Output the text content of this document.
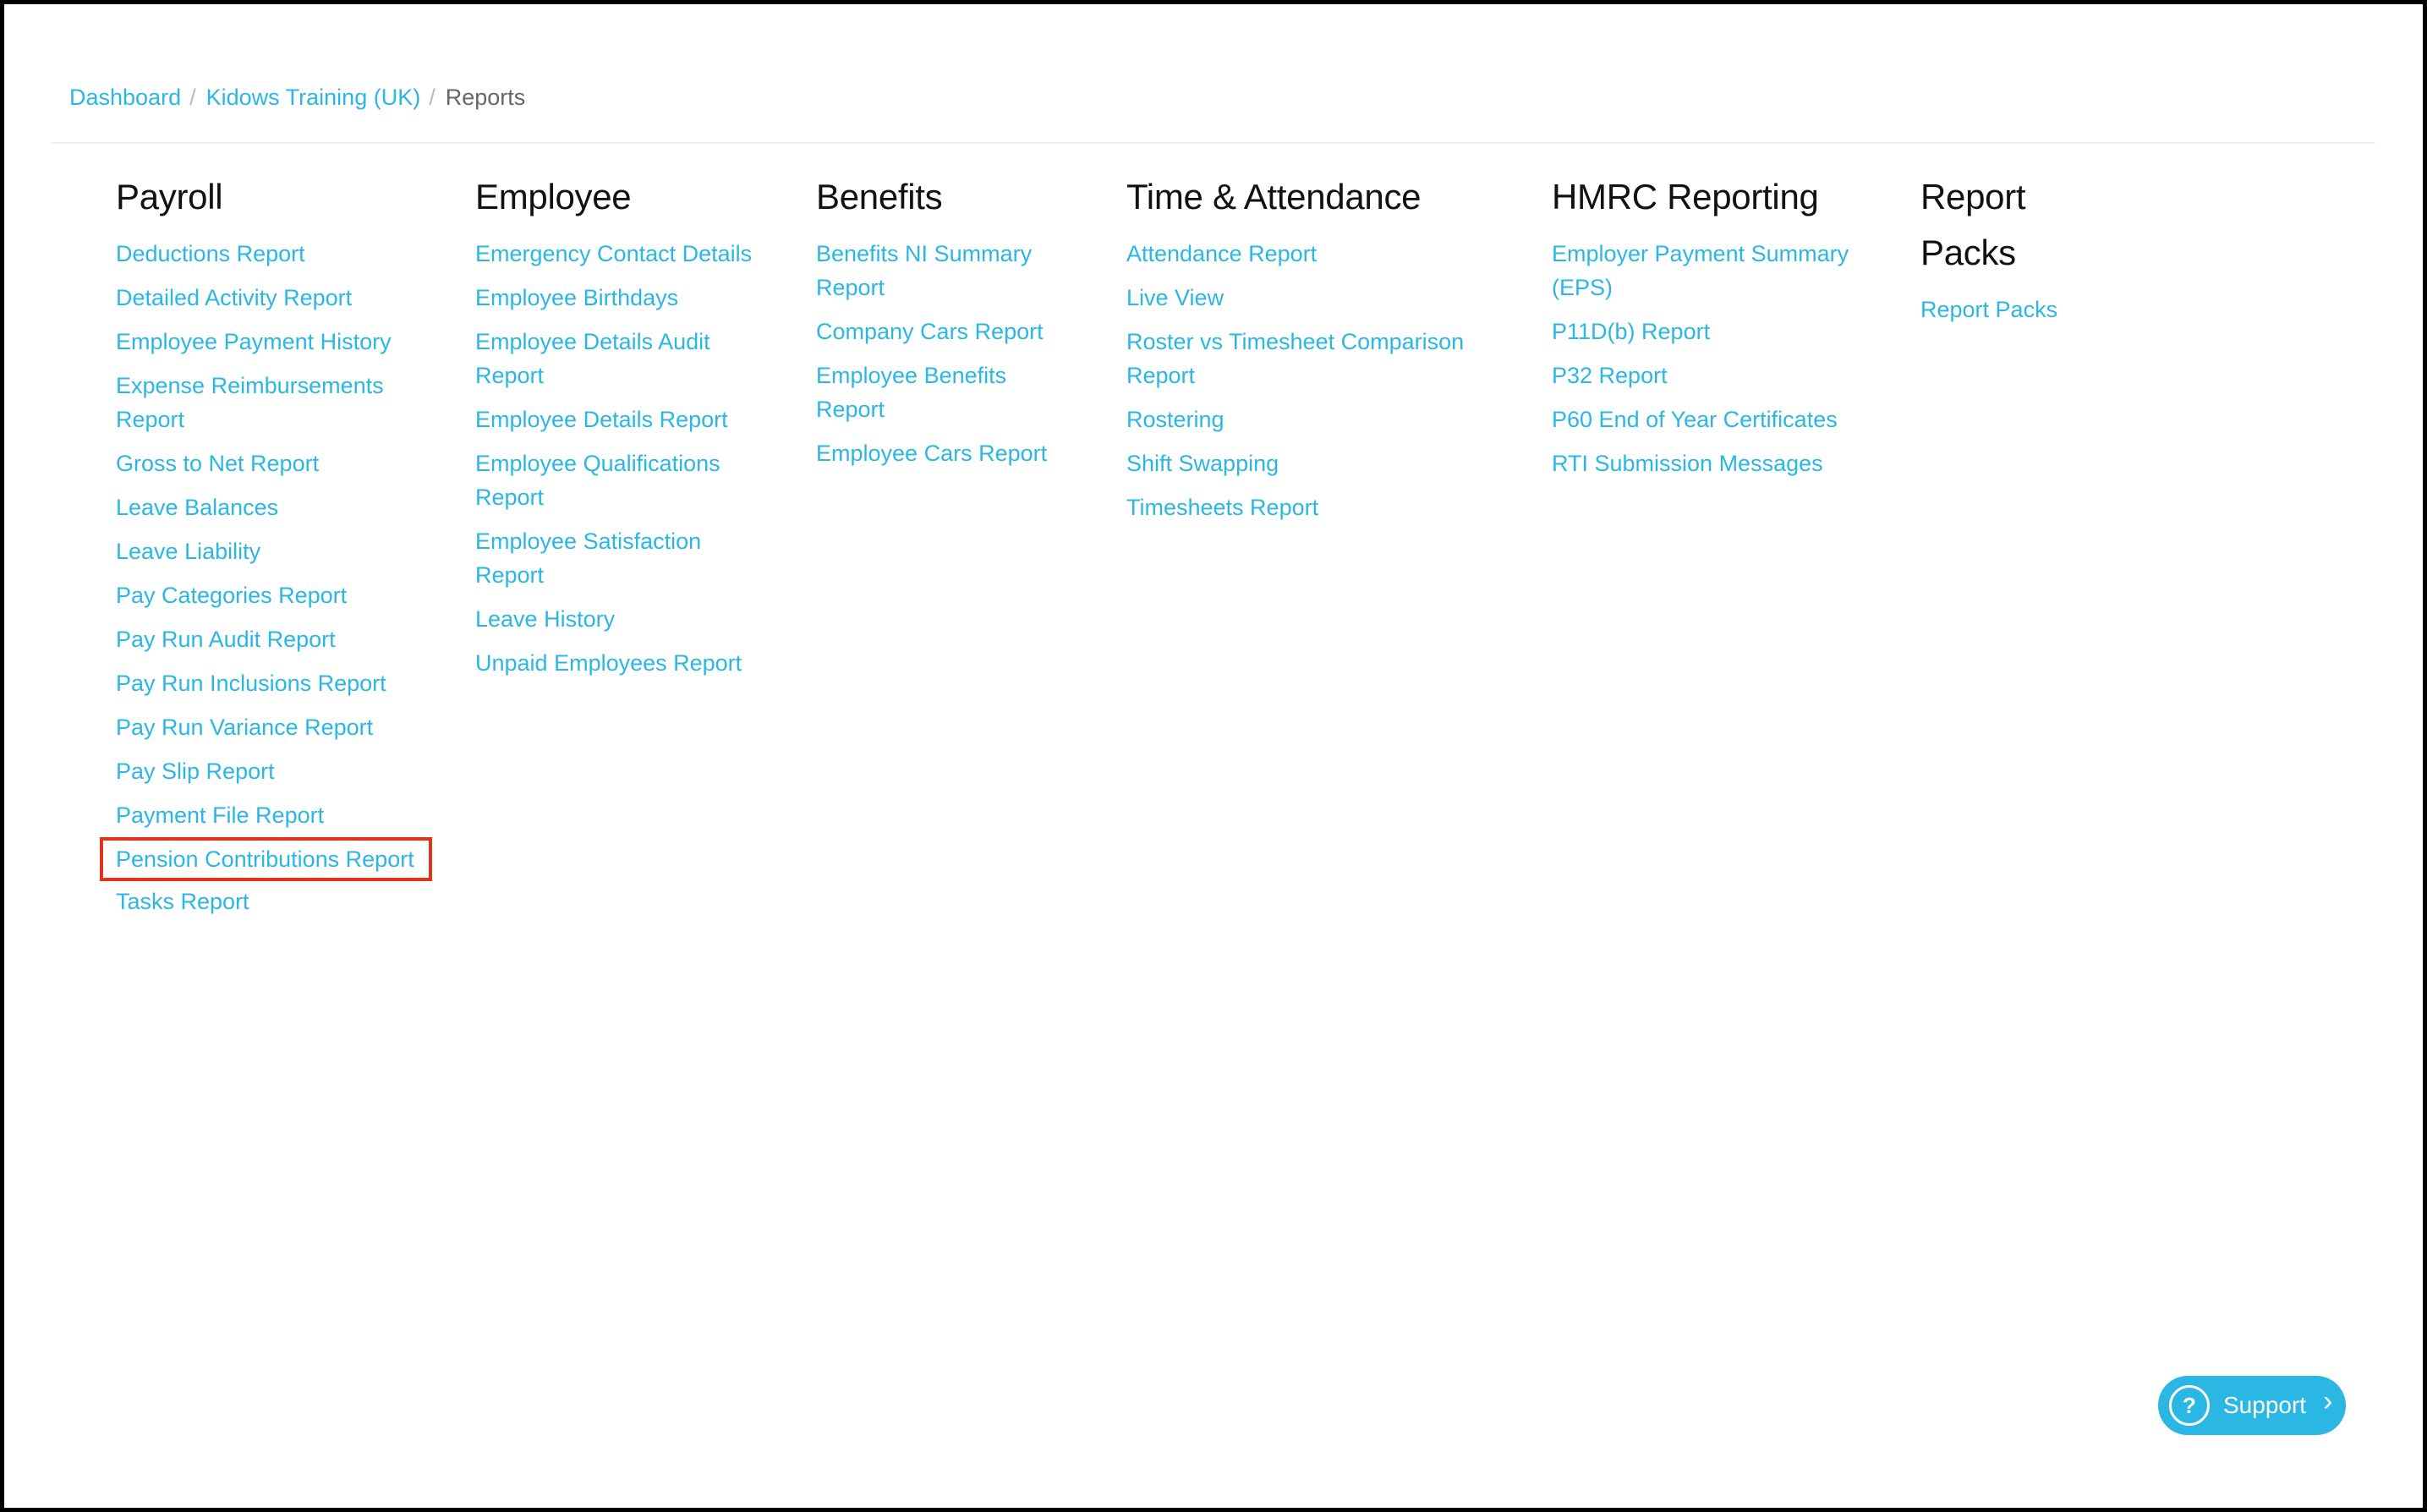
Dashboard / Kidows Training (UK) / Reports
Payroll
Deductions Report
Detailed Activity Report
Employee Payment History
Expense Reimbursements Report
Gross to Net Report
Leave Balances
Leave Liability
Pay Categories Report
Pay Run Audit Report
Pay Run Inclusions Report
Pay Run Variance Report
Pay Slip Report
Payment File Report
Pension Contributions Report
Tasks Report
Employee
Emergency Contact Details
Employee Birthdays
Employee Details Audit Report
Employee Details Report
Employee Qualifications Report
Employee Satisfaction Report
Leave History
Unpaid Employees Report
Benefits
Benefits NI Summary Report
Company Cars Report
Employee Benefits Report
Employee Cars Report
Time & Attendance
Attendance Report
Live View
Roster vs Timesheet Comparison Report
Rostering
Shift Swapping
Timesheets Report
HMRC Reporting
Employer Payment Summary (EPS)
P11D(b) Report
P32 Report
P60 End of Year Certificates
RTI Submission Messages
Report Packs
Report Packs
?	Support ›
